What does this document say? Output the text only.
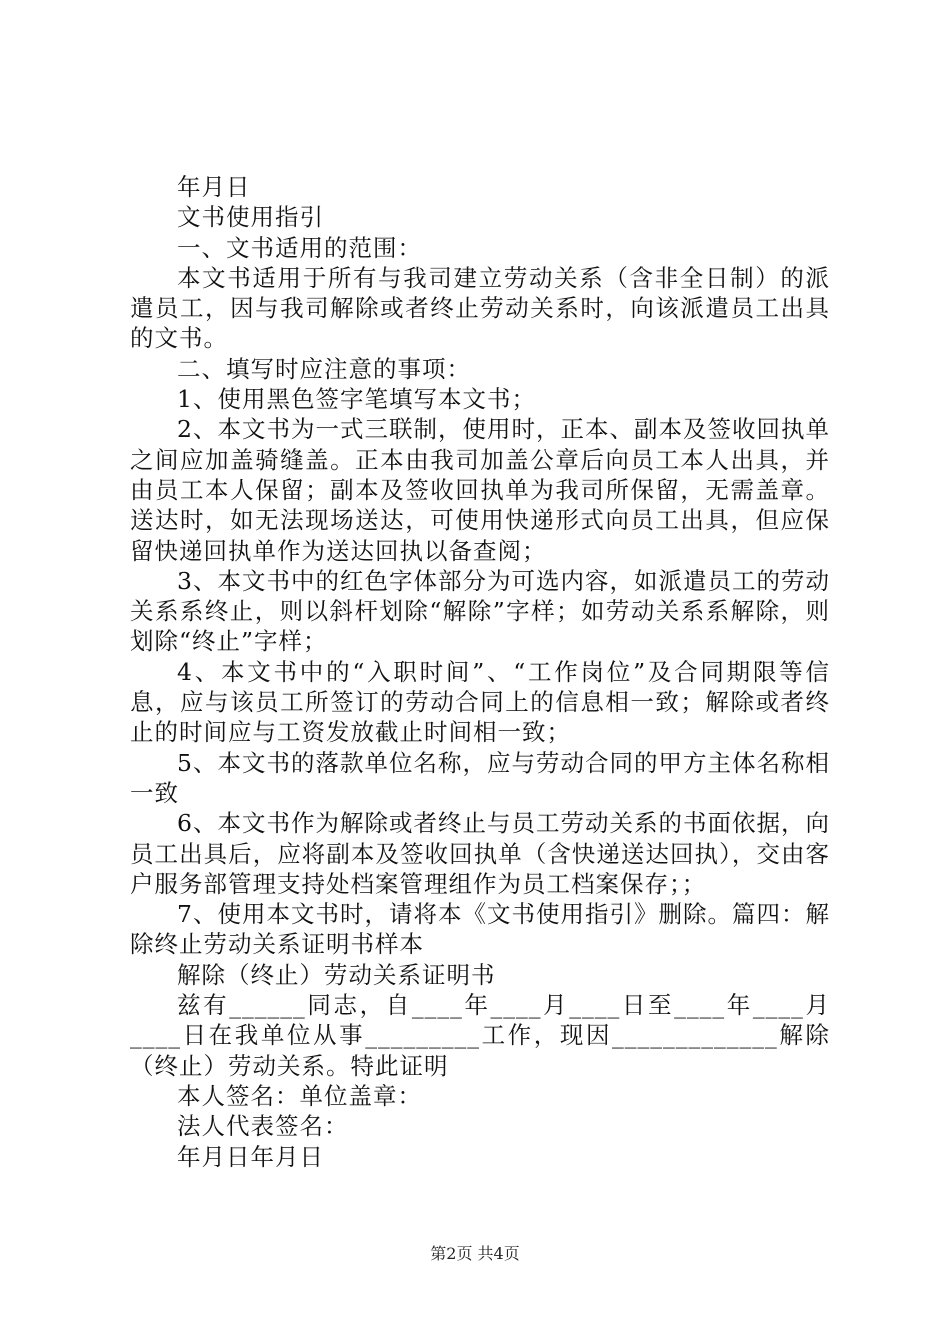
年月日

文书使用指引

一、文书适用的范围：

本文书适用于所有与我司建立劳动关系（含非全日制）的派遣员工，因与我司解除或者终止劳动关系时，向该派遣员工出具的文书。

二、填写时应注意的事项：

1、使用黑色签字笔填写本文书；

2、本文书为一式三联制，使用时，正本、副本及签收回执单之间应加盖骑缝盖。正本由我司加盖公章后向员工本人出具，并由员工本人保留；副本及签收回执单为我司所保留，无需盖章。送达时，如无法现场送达，可使用快递形式向员工出具，但应保留快递回执单作为送达回执以备查阅；

3、本文书中的红色字体部分为可选内容，如派遣员工的劳动关系系终止，则以斜杆划除“解除”字样；如劳动关系系解除，则划除“终止”字样；

4、本文书中的“入职时间”、“工作岗位”及合同期限等信息，应与该员工所签订的劳动合同上的信息相一致；解除或者终止的时间应与工资发放截止时间相一致；

5、本文书的落款单位名称，应与劳动合同的甲方主体名称相一致

6、本文书作为解除或者终止与员工劳动关系的书面依据，向员工出具后，应将副本及签收回执单（含快递送达回执），交由客户服务部管理支持处档案管理组作为员工档案保存；；

7、使用本文书时，请将本《文书使用指引》删除。篇四：解除终止劳动关系证明书样本

解除（终止）劳动关系证明书

兹有______同志，自____年____月____日至____年____月____日在我单位从事_________工作，现因_____________解除（终止）劳动关系。特此证明

本人签名：单位盖章：

法人代表签名：

年月日年月日

第2页 共4页
